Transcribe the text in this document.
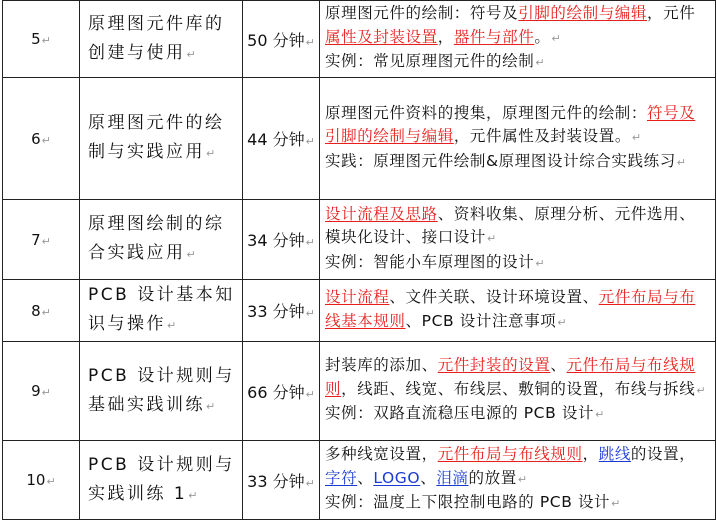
5↵	原理图元件库的创建与使用↵	50 分钟↵	原理图元件的绘制：符号及引脚的绘制与编辑，元件属性及封装设置，器件与部件。↵
实例：常见原理图元件的绘制↵

6↵	原理图元件的绘制与实践应用↵	44 分钟↵	原理图元件资料的搜集，原理图元件的绘制：符号及引脚的绘制与编辑，元件属性及封装设置。↵
实践：原理图元件绘制&原理图设计综合实践练习↵

7↵	原理图绘制的综合实践应用↵	34 分钟↵	设计流程及思路、资料收集、原理分析、元件选用、模块化设计、接口设计↵
实例：智能小车原理图的设计↵

8↵	PCB 设计基本知识与操作↵	33 分钟↵	设计流程、文件关联、设计环境设置、元件布局与布线基本规则、PCB 设计注意事项↵

9↵	PCB 设计规则与基础实践训练↵	66 分钟↵	封装库的添加、元件封装的设置、元件布局与布线规则，线距、线宽、布线层、敷铜的设置，布线与拆线↵
实例：双路直流稳压电源的 PCB 设计↵

10↵	PCB 设计规则与实践训练 1↵	33 分钟↵	多种线宽设置，元件布局与布线规则，跳线的设置，字符、LOGO、泪滴的放置↵
实例：温度上下限控制电路的 PCB 设计↵
